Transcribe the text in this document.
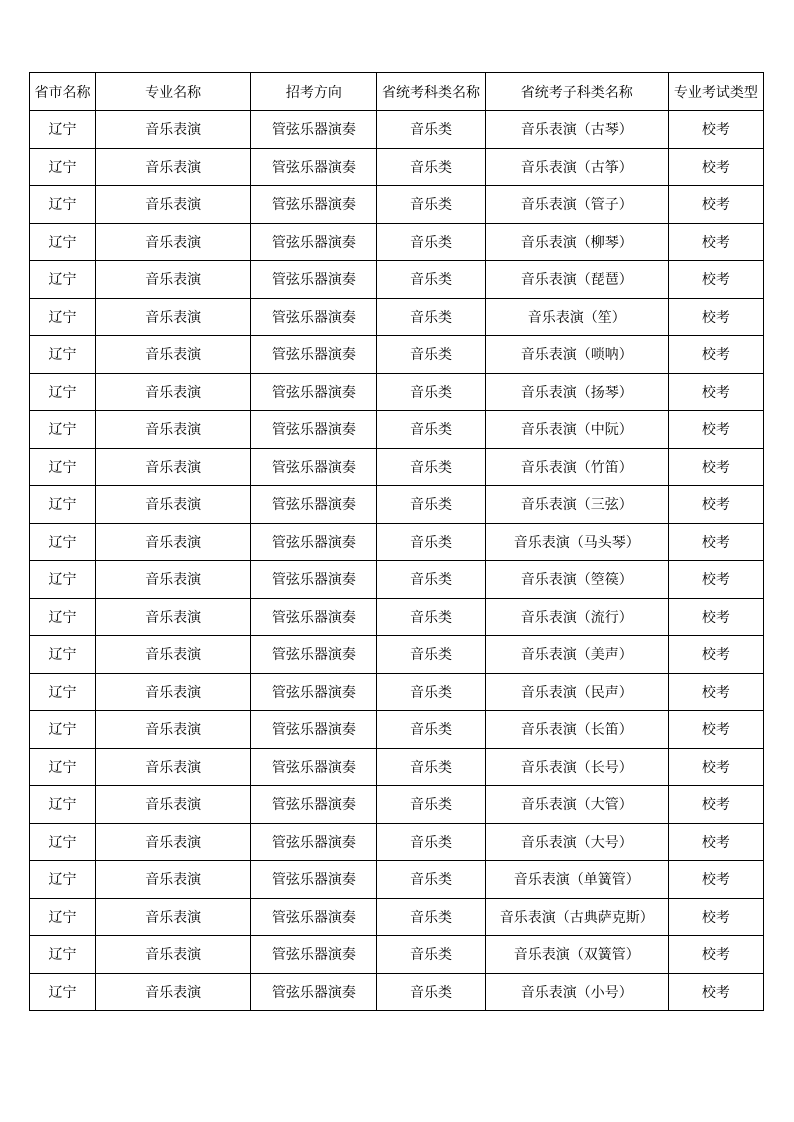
省市名称	专业名称	招考方向	省统考科类名称	省统考子科类名称	专业考试类型
辽宁	音乐表演	管弦乐器演奏	音乐类	音乐表演（古琴）	校考
辽宁	音乐表演	管弦乐器演奏	音乐类	音乐表演（古筝）	校考
辽宁	音乐表演	管弦乐器演奏	音乐类	音乐表演（管子）	校考
辽宁	音乐表演	管弦乐器演奏	音乐类	音乐表演（柳琴）	校考
辽宁	音乐表演	管弦乐器演奏	音乐类	音乐表演（琵琶）	校考
辽宁	音乐表演	管弦乐器演奏	音乐类	音乐表演（笙）	校考
辽宁	音乐表演	管弦乐器演奏	音乐类	音乐表演（唢呐）	校考
辽宁	音乐表演	管弦乐器演奏	音乐类	音乐表演（扬琴）	校考
辽宁	音乐表演	管弦乐器演奏	音乐类	音乐表演（中阮）	校考
辽宁	音乐表演	管弦乐器演奏	音乐类	音乐表演（竹笛）	校考
辽宁	音乐表演	管弦乐器演奏	音乐类	音乐表演（三弦）	校考
辽宁	音乐表演	管弦乐器演奏	音乐类	音乐表演（马头琴）	校考
辽宁	音乐表演	管弦乐器演奏	音乐类	音乐表演（箜篌）	校考
辽宁	音乐表演	管弦乐器演奏	音乐类	音乐表演（流行）	校考
辽宁	音乐表演	管弦乐器演奏	音乐类	音乐表演（美声）	校考
辽宁	音乐表演	管弦乐器演奏	音乐类	音乐表演（民声）	校考
辽宁	音乐表演	管弦乐器演奏	音乐类	音乐表演（长笛）	校考
辽宁	音乐表演	管弦乐器演奏	音乐类	音乐表演（长号）	校考
辽宁	音乐表演	管弦乐器演奏	音乐类	音乐表演（大管）	校考
辽宁	音乐表演	管弦乐器演奏	音乐类	音乐表演（大号）	校考
辽宁	音乐表演	管弦乐器演奏	音乐类	音乐表演（单簧管）	校考
辽宁	音乐表演	管弦乐器演奏	音乐类	音乐表演（古典萨克斯）	校考
辽宁	音乐表演	管弦乐器演奏	音乐类	音乐表演（双簧管）	校考
辽宁	音乐表演	管弦乐器演奏	音乐类	音乐表演（小号）	校考
